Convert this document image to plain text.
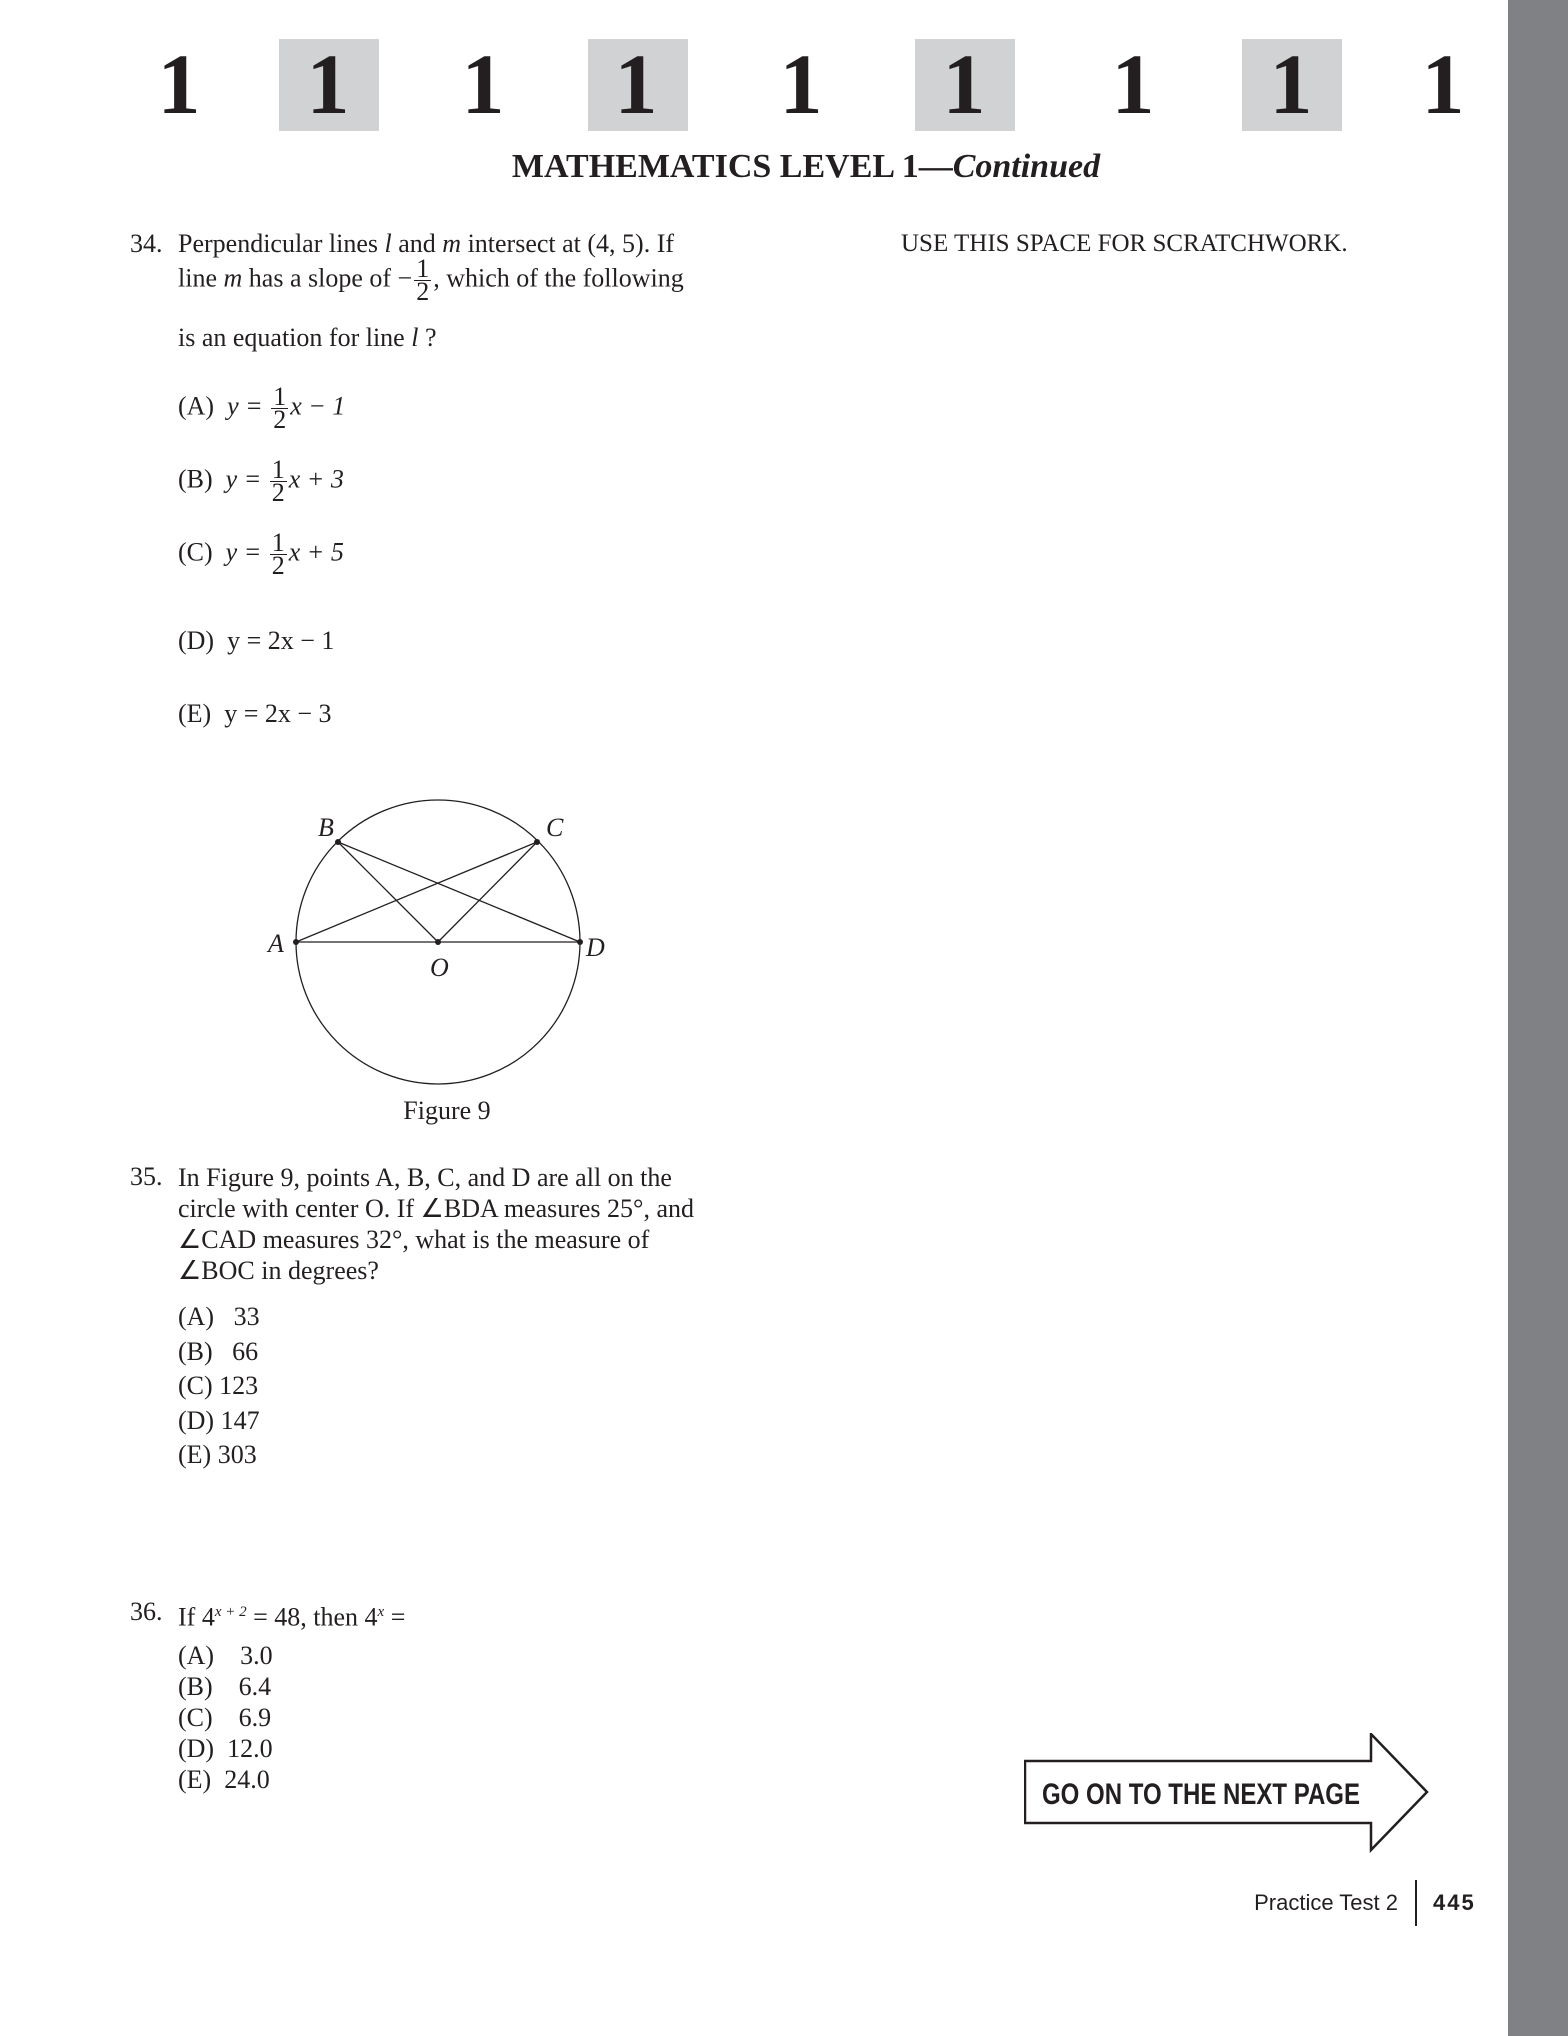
1	1	1	1	1	1	1	1	1
MATHEMATICS LEVEL 1—Continued
USE THIS SPACE FOR SCRATCHWORK.
34. Perpendicular lines l and m intersect at (4, 5). If
line m has a slope of − $\frac{1}{2}$ , which of the following
is an equation for line l ?
(A) $y = \frac{1}{2}$ x − 1
(B) $y = \frac{1}{2}$ x + 3
(C) $y = \frac{1}{2}$ x + 5
(D) y = 2x − 1
(E) y = 2x − 3
A
B	C
D
O
Figure 9
35. In Figure 9, points A, B, C, and D are all on the
circle with center O. If ∠BDA measures 25°, and
∠CAD measures 32°, what is the measure of
∠BOC in degrees?
(A) 33
(B) 66
(C) 123
(D) 147
(E) 303
36. If $4^{x + 2} = 48$, then $4^x$ =
(A) 3.0
(B) 6.4
(C) 6.9
(D) 12.0
(E) 24.0	GO ON TO THE NEXT PAGE
Practice Test 2 445
